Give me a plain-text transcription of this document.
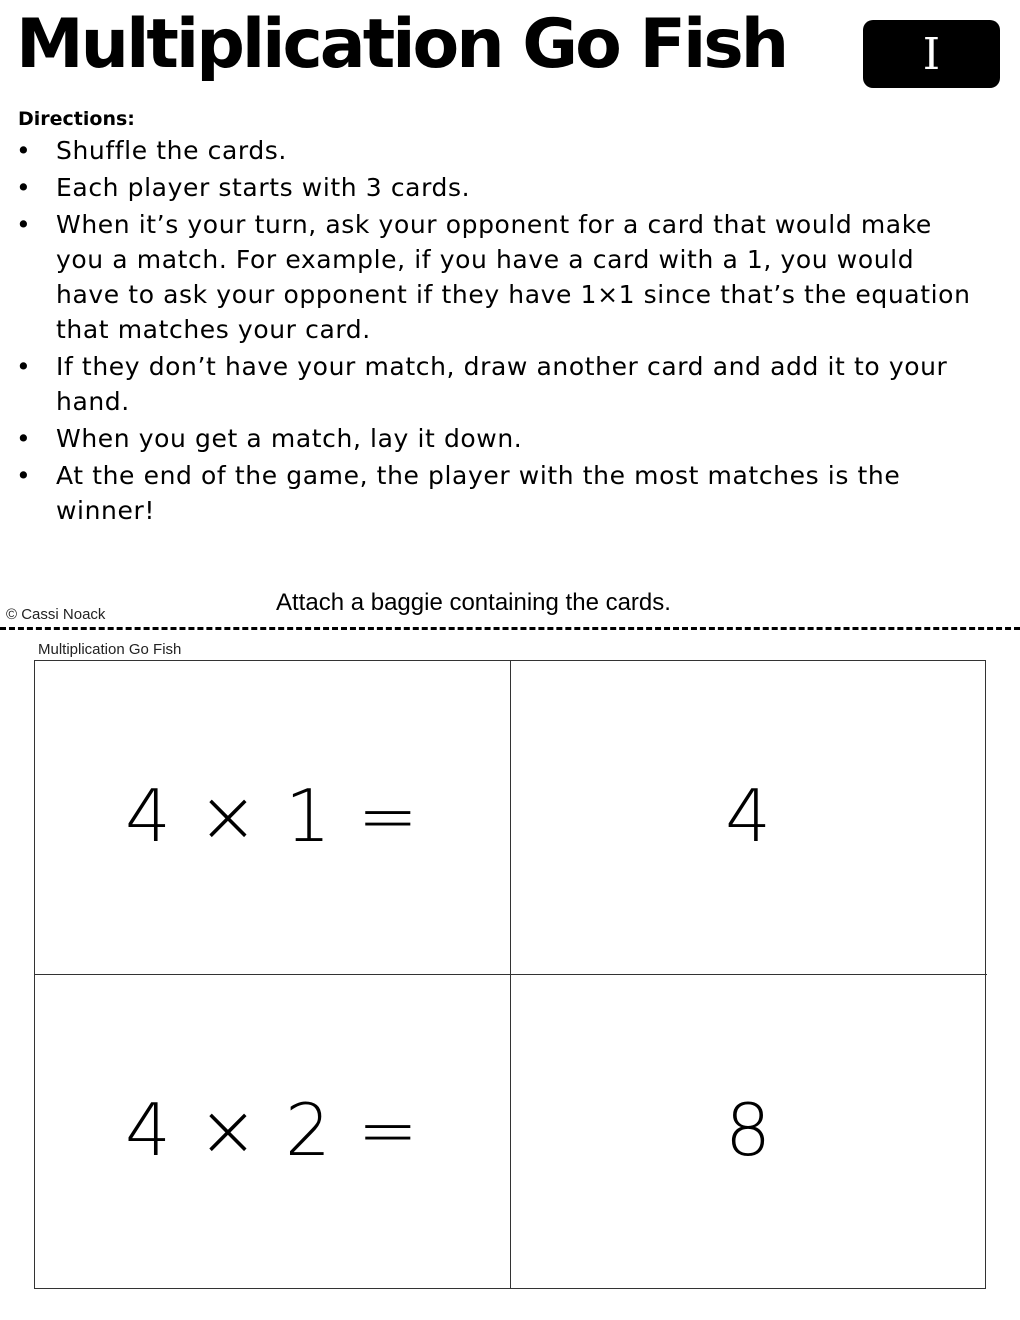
Multiplication Go Fish	I
Directions:
• Shuffle the cards.
• Each player starts with 3 cards.
• When it’s your turn, ask your opponent for a card that would make you a match. For example, if you have a card with a 1, you would have to ask your opponent if they have 1×1 since that’s the equation that matches your card.
• If they don’t have your match, draw another card and add it to your hand.
• When you get a match, lay it down.
• At the end of the game, the player with the most matches is the winner!
© Cassi Noack	Attach a baggie containing the cards.
Multiplication Go Fish
4 × 1 =	4
4 × 2 =	8
